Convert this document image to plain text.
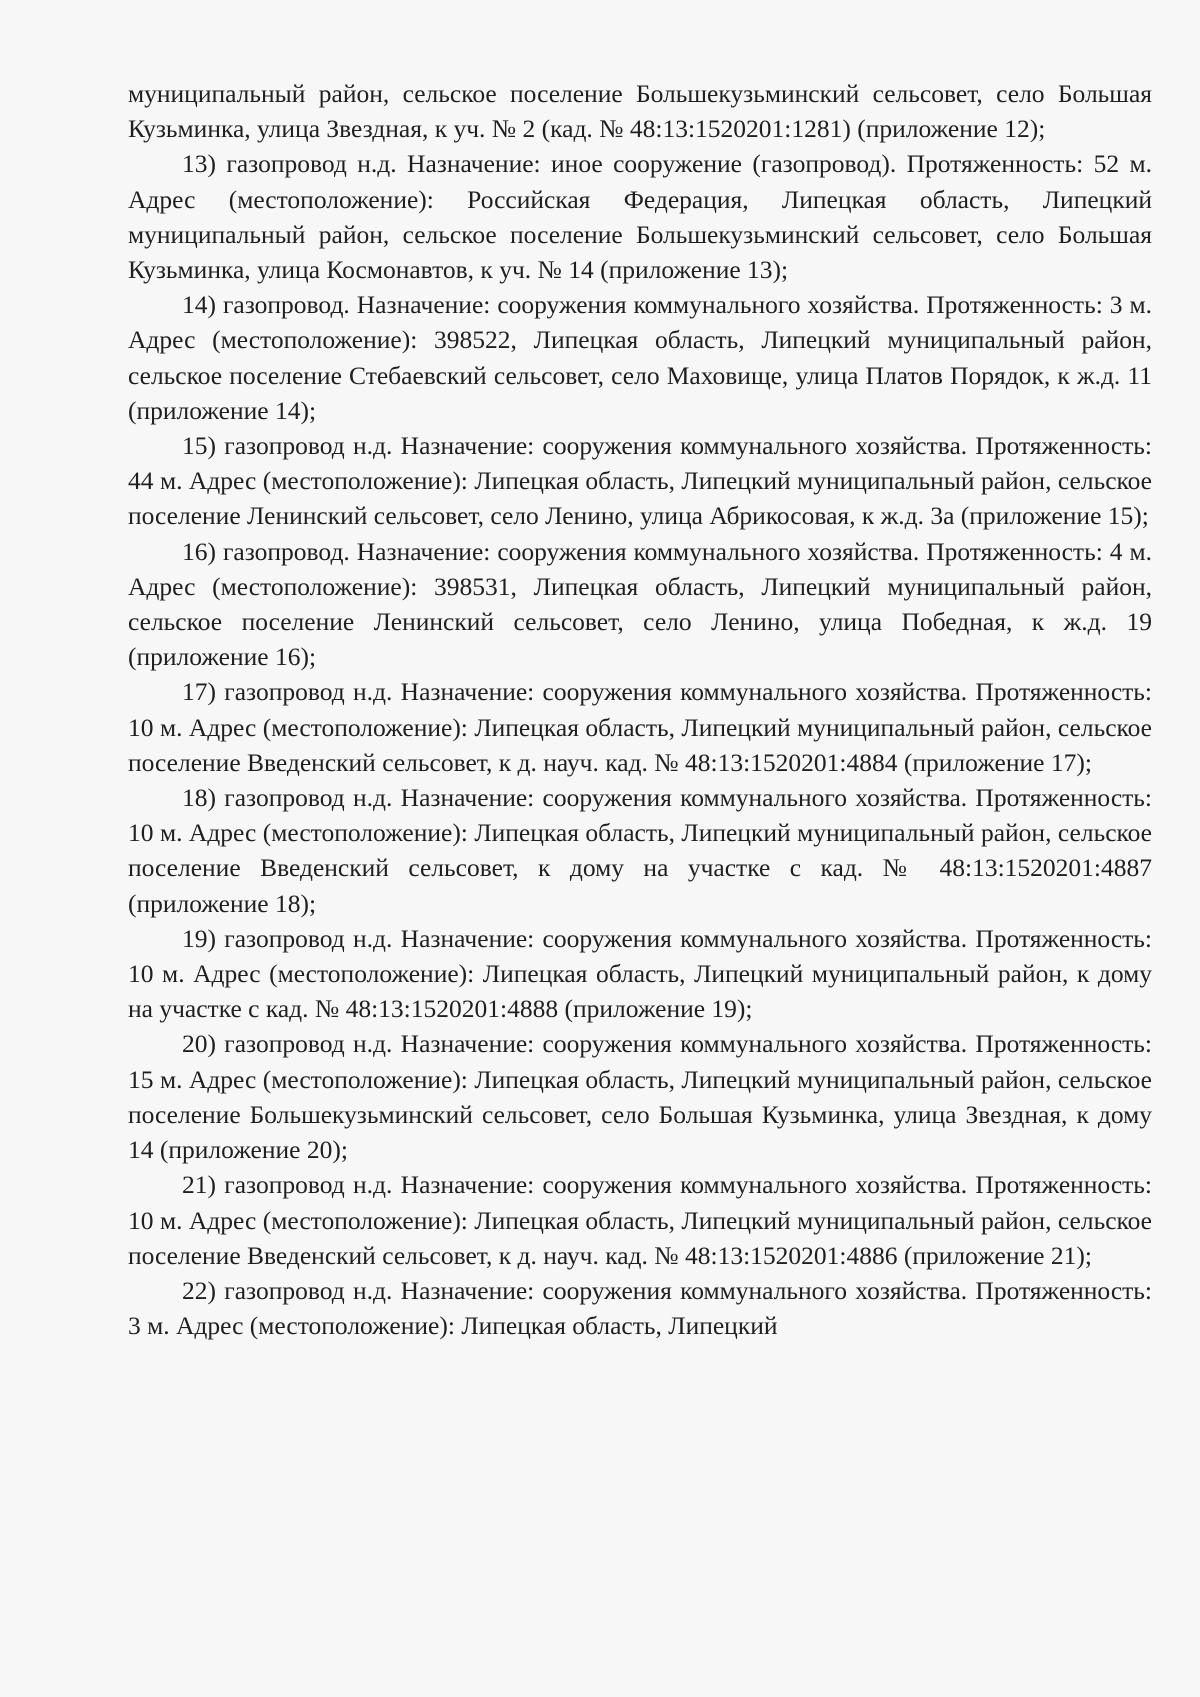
муниципальный район, сельское поселение Большекузьминский сельсовет, село Большая Кузьминка, улица Звездная, к уч. № 2 (кад. № 48:13:1520201:1281) (приложение 12);

13) газопровод н.д. Назначение: иное сооружение (газопровод). Протяженность: 52 м. Адрес (местоположение): Российская Федерация, Липецкая область, Липецкий муниципальный район, сельское поселение Большекузьминский сельсовет, село Большая Кузьминка, улица Космонавтов, к уч. № 14 (приложение 13);

14) газопровод. Назначение: сооружения коммунального хозяйства. Протяженность: 3 м. Адрес (местоположение): 398522, Липецкая область, Липецкий муниципальный район, сельское поселение Стебаевский сельсовет, село Маховище, улица Платов Порядок, к ж.д. 11 (приложение 14);

15) газопровод н.д. Назначение: сооружения коммунального хозяйства. Протяженность: 44 м. Адрес (местоположение): Липецкая область, Липецкий муниципальный район, сельское поселение Ленинский сельсовет, село Ленино, улица Абрикосовая, к ж.д. 3а (приложение 15);

16) газопровод. Назначение: сооружения коммунального хозяйства. Протяженность: 4 м. Адрес (местоположение): 398531, Липецкая область, Липецкий муниципальный район, сельское поселение Ленинский сельсовет, село Ленино, улица Победная, к ж.д. 19 (приложение 16);

17) газопровод н.д. Назначение: сооружения коммунального хозяйства. Протяженность: 10 м. Адрес (местоположение): Липецкая область, Липецкий муниципальный район, сельское поселение Введенский сельсовет, к д. науч. кад. № 48:13:1520201:4884 (приложение 17);

18) газопровод н.д. Назначение: сооружения коммунального хозяйства. Протяженность: 10 м. Адрес (местоположение): Липецкая область, Липецкий муниципальный район, сельское поселение Введенский сельсовет, к дому на участке с кад. № 48:13:1520201:4887 (приложение 18);

19) газопровод н.д. Назначение: сооружения коммунального хозяйства. Протяженность: 10 м. Адрес (местоположение): Липецкая область, Липецкий муниципальный район, к дому на участке с кад. № 48:13:1520201:4888 (приложение 19);

20) газопровод н.д. Назначение: сооружения коммунального хозяйства. Протяженность: 15 м. Адрес (местоположение): Липецкая область, Липецкий муниципальный район, сельское поселение Большекузьминский сельсовет, село Большая Кузьминка, улица Звездная, к дому 14 (приложение 20);

21) газопровод н.д. Назначение: сооружения коммунального хозяйства. Протяженность: 10 м. Адрес (местоположение): Липецкая область, Липецкий муниципальный район, сельское поселение Введенский сельсовет, к д. науч. кад. № 48:13:1520201:4886 (приложение 21);

22) газопровод н.д. Назначение: сооружения коммунального хозяйства. Протяженность: 3 м. Адрес (местоположение): Липецкая область, Липецкий
